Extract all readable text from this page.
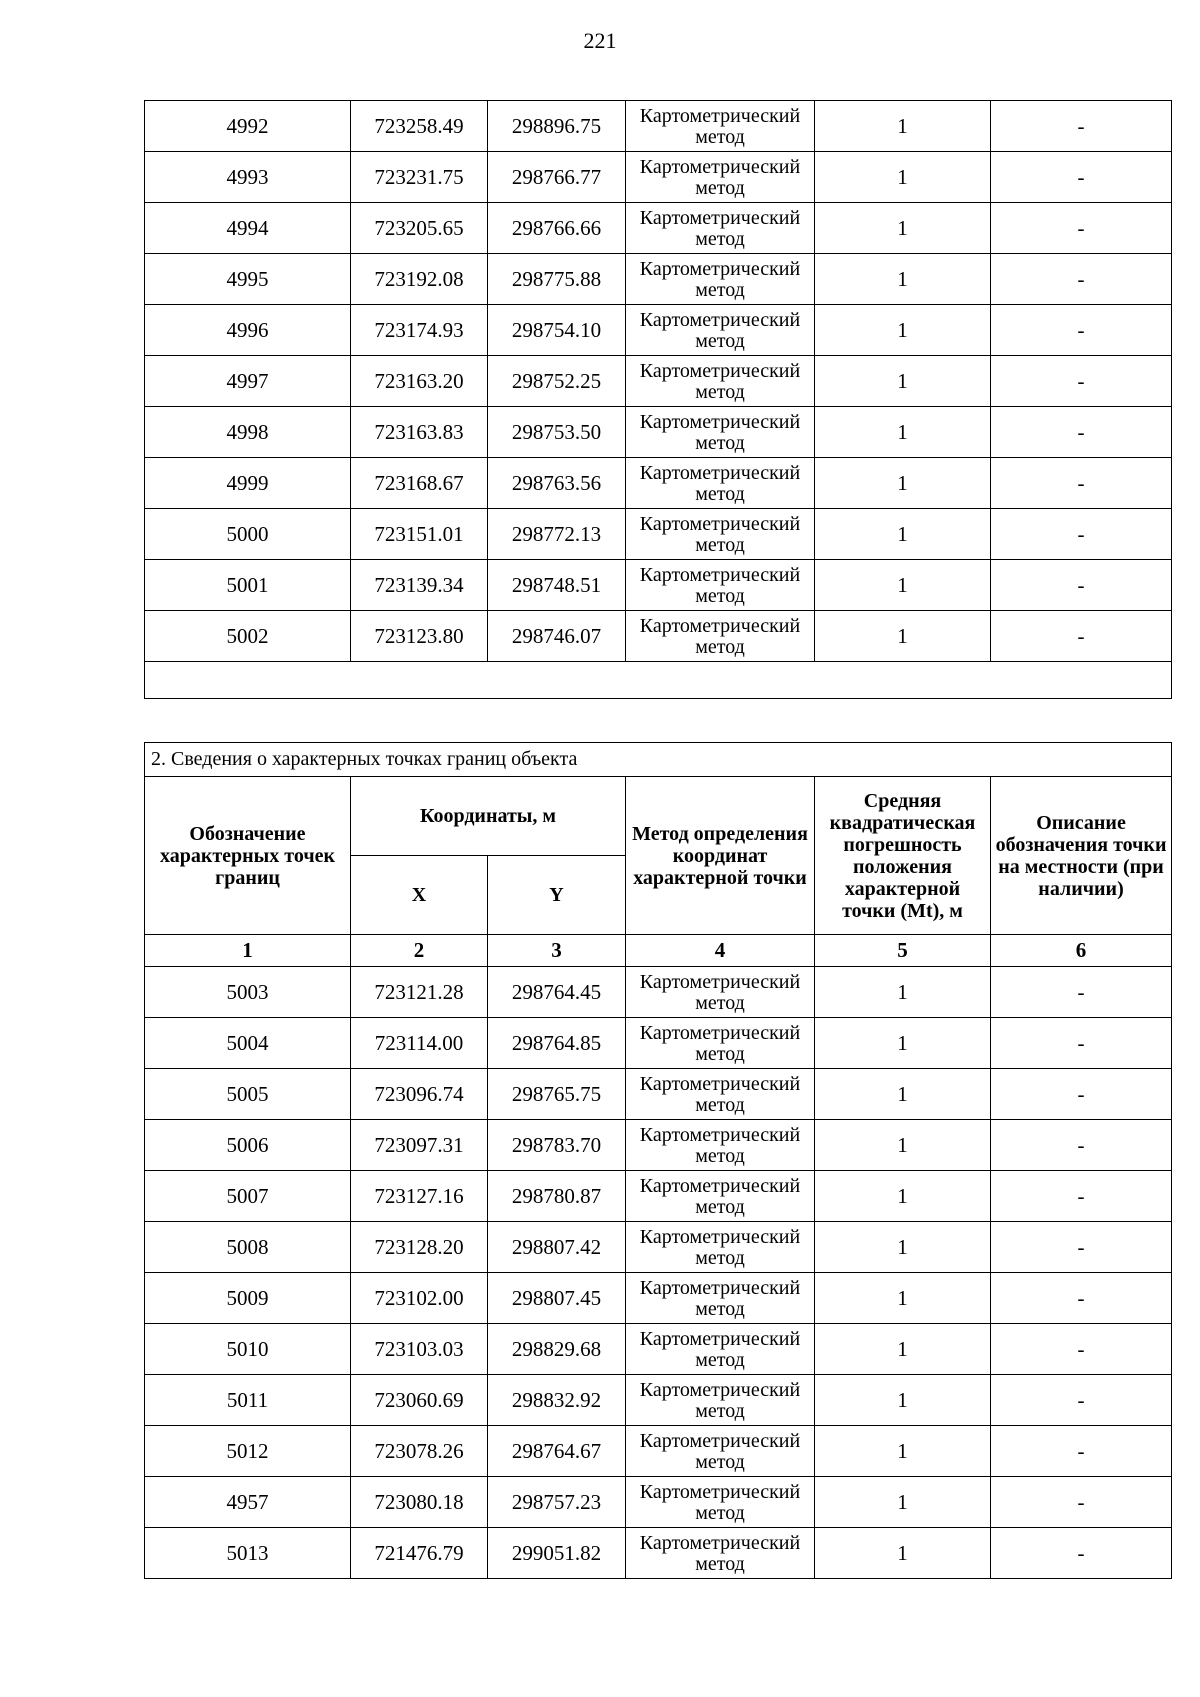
221
4992	723258.49	298896.75	Картометрический метод	1	-
4993	723231.75	298766.77	Картометрический метод	1	-
4994	723205.65	298766.66	Картометрический метод	1	-
4995	723192.08	298775.88	Картометрический метод	1	-
4996	723174.93	298754.10	Картометрический метод	1	-
4997	723163.20	298752.25	Картометрический метод	1	-
4998	723163.83	298753.50	Картометрический метод	1	-
4999	723168.67	298763.56	Картометрический метод	1	-
5000	723151.01	298772.13	Картометрический метод	1	-
5001	723139.34	298748.51	Картометрический метод	1	-
5002	723123.80	298746.07	Картометрический метод	1	-

2. Сведения о характерных точках границ объекта					
Обозначение характерных точек границ	Координаты, м		Метод определения координат характерной точки	Средняя квадратическая погрешность положения характерной точки (Mt), м	Описание обозначения точки на местности (при наличии)
	X	Y			
1	2	3	4	5	6
5003	723121.28	298764.45	Картометрический метод	1	-
5004	723114.00	298764.85	Картометрический метод	1	-
5005	723096.74	298765.75	Картометрический метод	1	-
5006	723097.31	298783.70	Картометрический метод	1	-
5007	723127.16	298780.87	Картометрический метод	1	-
5008	723128.20	298807.42	Картометрический метод	1	-
5009	723102.00	298807.45	Картометрический метод	1	-
5010	723103.03	298829.68	Картометрический метод	1	-
5011	723060.69	298832.92	Картометрический метод	1	-
5012	723078.26	298764.67	Картометрический метод	1	-
4957	723080.18	298757.23	Картометрический метод	1	-
5013	721476.79	299051.82	Картометрический метод	1	-
